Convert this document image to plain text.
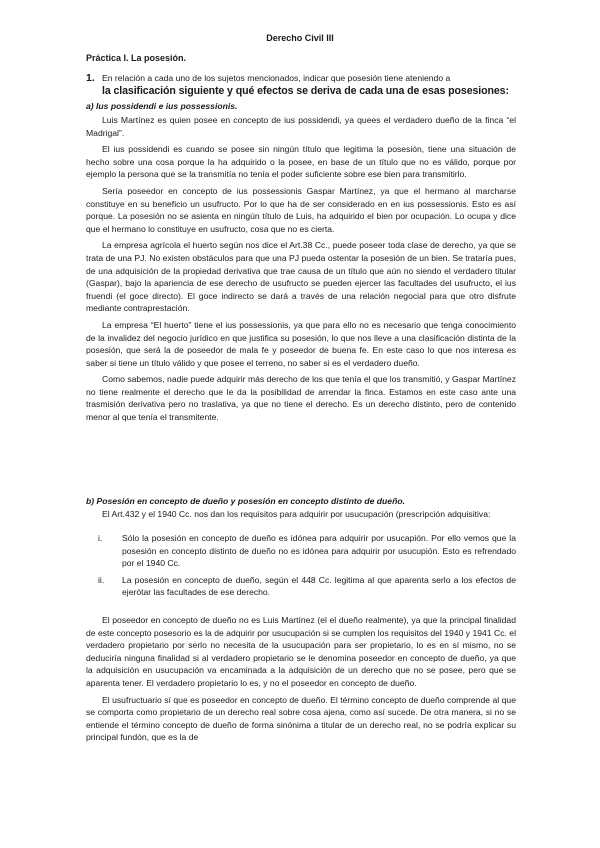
Derecho Civil III
Práctica I. La posesión.
1. En relación a cada uno de los sujetos mencionados, indicar que posesión tiene ateniendo a
la clasificación siguiente y qué efectos se deriva de cada una de esas posesiones:
a) Ius possidendi e ius possessionis.

Luis Martínez es quien posee en concepto de ius possidendi, ya quees el verdadero dueño de la finca “el Madrigal”.

El ius possidendi es cuando se posee sin ningún título que legitima la posesión, tiene una situación de hecho sobre una cosa porque la ha adquirido o la posee, en base de un título que no es válido, porque por ejemplo la persona que se la transmitía no tenía el poder suficiente sobre ese bien para transmitirlo.

Sería poseedor en concepto de ius possessionis Gaspar Martínez, ya que el hermano al marcharse constituye en su beneficio un usufructo. Por lo que ha de ser considerado en en ius possessionis. Esto es así porque. La posesión no se asienta en ningún título de Luis, ha adquirido el bien por ocupación. Lo ocupa y dice que el hermano lo constituye en usufructo, cosa que no es cierta.

La empresa agrícola el huerto según nos dice el Art.38 Cc., puede poseer toda clase de derecho, ya que se trata de una PJ. No existen obstáculos para que una PJ pueda ostentar la posesión de un bien. Se trataría pues, de una adquisición de la propiedad derivativa que trae causa de un título que aún no siendo el verdadero titular (Gaspar), bajo la apariencia de ese derecho de usufructo se pueden ejercer las facultades del usufructo, el ius fruendi (el goce directo). El goce indirecto se dará a través de una relación negocial para que otro disfrute mediante contraprestación.

La empresa “El huerto” tiene el ius possessionis, ya que para ello no es necesario que tenga conocimiento de la invalidez del negocio jurídico en que justifica su posesión, lo que nos lleve a una clasificación distinta de la posesión, que será la de poseedor de mala fe y poseedor de buena fe. En este caso lo que nos interesa es saber si tiene un título válido y que posee el terreno, no saber si es el verdadero dueño.

Como sabemos, nadie puede adquirir más derecho de los que tenía el que los transmitió, y Gaspar Martínez no tiene realmente el derecho que le da la posibilidad de arrendar la finca. Estamos en este caso ante una trasmisión derivativa pero no traslativa, ya que no tiene el derecho. Es un derecho distinto, pero de contenido menor al que tenía el transmitente.

b) Posesión en concepto de dueño y posesión en concepto distinto de dueño.

El Art.432 y el 1940 Cc. nos dan los requisitos para adquirir por usucupación (prescripción adquisitiva:

i. Sólo la posesión en concepto de dueño es idónea para adquirir por usucapión. Por ello vemos que la posesión en concepto distinto de dueño no es idónea para adquirir por usucupión. Esto es refrendado por el 1940 Cc.
ii. La posesión en concepto de dueño, según el 448 Cc. legitima al que aparenta serlo a los efectos de ejerótar las facultades de ese derecho.

El poseedor en concepto de dueño no es Luis Martínez (el el dueño realmente), ya que la principal finalidad de este concepto posesorio es la de adquirir por usucupación si se cumplen los requisitos del 1940 y 1941 Cc. el verdadero propietario por serlo no necesita de la usucupación para ser propietario, lo es en sí mismo, no se deduciría ninguna finalidad si al verdadero propietario se le denomina poseedor en concepto de dueño, ya que la adquisición en usucupación va encaminada a la adquisición de un derecho que no se posee, pero que se aparenta tener. El verdadero propietario lo es, y no el poseedor en concepto de dueño.

El usufructuario sí que es poseedor en concepto de dueño. El término concepto de dueño comprende al que se comporta como propietario de un derecho real sobre cosa ajena, como así sucede. De otra manera, si no se entiende el término concepto de dueño de forma sinónima a titular de un derecho real, no se podría explicar su principal fundón, que es la de
